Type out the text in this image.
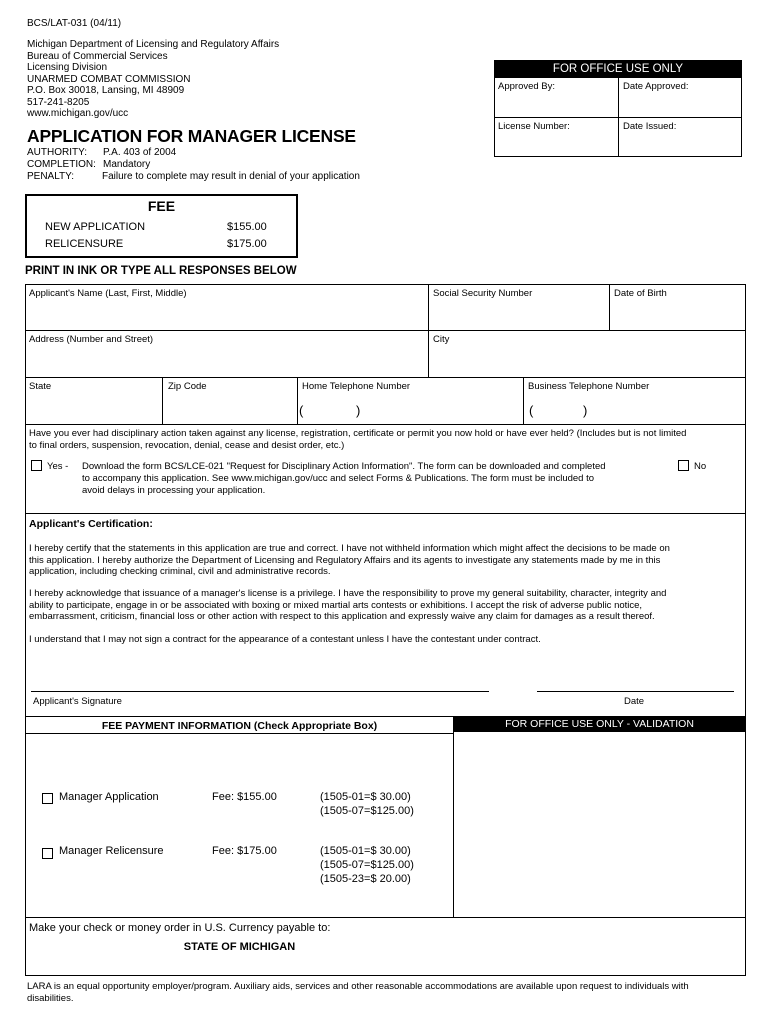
BCS/LAT-031 (04/11)
Michigan Department of Licensing and Regulatory Affairs
Bureau of Commercial Services
Licensing Division
UNARMED COMBAT COMMISSION
P.O. Box 30018, Lansing, MI 48909
517-241-8205
www.michigan.gov/ucc
APPLICATION FOR MANAGER LICENSE
AUTHORITY: P.A. 403 of 2004
COMPLETION: Mandatory
PENALTY:	Failure to complete may result in denial of your application
FOR OFFICE USE ONLY
Approved By:	Date Approved:
License Number:	Date Issued:
FEE
NEW APPLICATION	$155.00
RELICENSURE	$175.00
PRINT IN INK OR TYPE ALL RESPONSES BELOW
Applicant's Name (Last, First, Middle)	Social Security Number	Date of Birth
Address (Number and Street)	City
State	Zip Code	Home Telephone Number	Business Telephone Number
(	)	(	)
Have you ever had disciplinary action taken against any license, registration, certificate or permit you now hold or have ever held? (Includes but is not limited
to final orders, suspension, revocation, denial, cease and desist order, etc.)
Yes - Download the form BCS/LCE-021 "Request for Disciplinary Action Information". The form can be downloaded and completed
to accompany this application. See www.michigan.gov/ucc and select Forms & Publications. The form must be included to
avoid delays in processing your application.
No
Applicant's Certification:
I hereby certify that the statements in this application are true and correct. I have not withheld information which might affect the decisions to be made on
this application. I hereby authorize the Department of Licensing and Regulatory Affairs and its agents to investigate any statements made by me in this
application, including checking criminal, civil and administrative records.
I hereby acknowledge that issuance of a manager's license is a privilege. I have the responsibility to prove my general suitability, character, integrity and
ability to participate, engage in or be associated with boxing or mixed martial arts contests or exhibitions. I accept the risk of adverse public notice,
embarrassment, criticism, financial loss or other action with respect to this application and expressly waive any claim for damages as a result thereof.
I understand that I may not sign a contract for the appearance of a contestant unless I have the contestant under contract.
Applicant's Signature	Date
FEE PAYMENT INFORMATION (Check Appropriate Box)	FOR OFFICE USE ONLY - VALIDATION
Manager Application	Fee: $155.00	(1505-01=$ 30.00)
(1505-07=$125.00)
Manager Relicensure	Fee: $175.00	(1505-01=$ 30.00)
(1505-07=$125.00)
(1505-23=$ 20.00)
Make your check or money order in U.S. Currency payable to:
STATE OF MICHIGAN
LARA is an equal opportunity employer/program. Auxiliary aids, services and other reasonable accommodations are available upon request to individuals with
disabilities.
